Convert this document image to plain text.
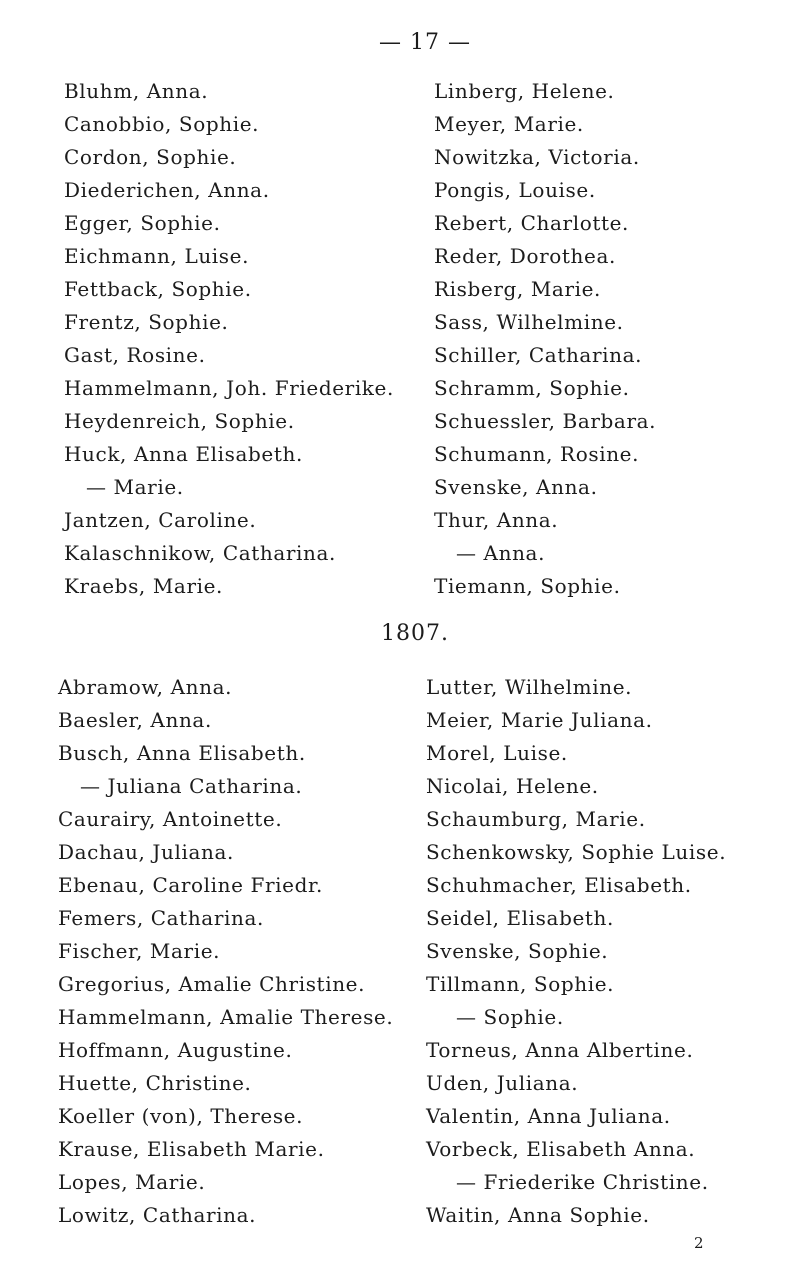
— 17 —
Bluhm, Anna.
Canobbio, Sophie.
Cordon, Sophie.
Diederichen, Anna.
Egger, Sophie.
Eichmann, Luise.
Fettback, Sophie.
Frentz, Sophie.
Gast, Rosine.
Hammelmann, Joh. Friederike.
Heydenreich, Sophie.
Huck, Anna Elisabeth.
— Marie.
Jantzen, Caroline.
Kalaschnikow, Catharina.
Kraebs, Marie.
Linberg, Helene.
Meyer, Marie.
Nowitzka, Victoria.
Pongis, Louise.
Rebert, Charlotte.
Reder, Dorothea.
Risberg, Marie.
Sass, Wilhelmine.
Schiller, Catharina.
Schramm, Sophie.
Schuessler, Barbara.
Schumann, Rosine.
Svenske, Anna.
Thur, Anna.
— Anna.
Tiemann, Sophie.
1807.
Abramow, Anna.
Baesler, Anna.
Busch, Anna Elisabeth.
— Juliana Catharina.
Caurairy, Antoinette.
Dachau, Juliana.
Ebenau, Caroline Friedr.
Femers, Catharina.
Fischer, Marie.
Gregorius, Amalie Christine.
Hammelmann, Amalie Therese.
Hoffmann, Augustine.
Huette, Christine.
Koeller (von), Therese.
Krause, Elisabeth Marie.
Lopes, Marie.
Lowitz, Catharina.
Lutter, Wilhelmine.
Meier, Marie Juliana.
Morel, Luise.
Nicolai, Helene.
Schaumburg, Marie.
Schenkowsky, Sophie Luise.
Schuhmacher, Elisabeth.
Seidel, Elisabeth.
Svenske, Sophie.
Tillmann, Sophie.
— Sophie.
Torneus, Anna Albertine.
Uden, Juliana.
Valentin, Anna Juliana.
Vorbeck, Elisabeth Anna.
— Friederike Christine.
Waitin, Anna Sophie.
2
